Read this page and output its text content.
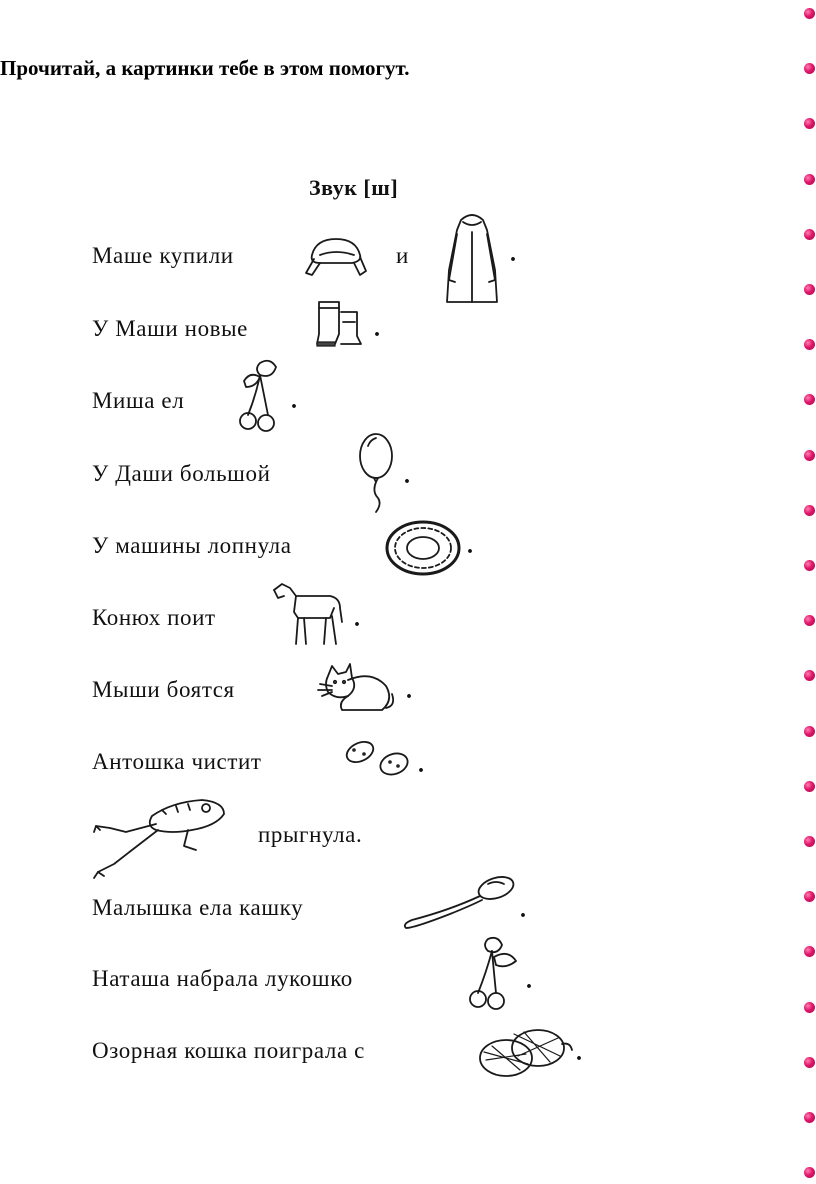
Прочитай, а картинки тебе в этом помогут.
Звук [ш]
Маше купили	и	.
У Маши новые	.
Миша ел	.
У Даши большой	.
У машины лопнула	.
Конюх поит	.
Мыши боятся	.
Антошка чистит	.
прыгнула.
Малышка ела кашку	.
Наташа набрала лукошко	.
Озорная кошка поиграла с	.
